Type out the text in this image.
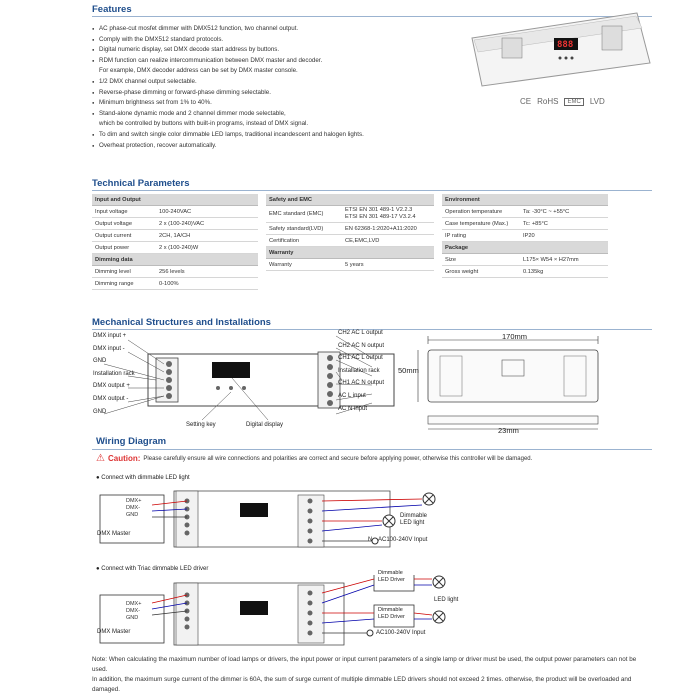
Features
● AC phase-cut mosfet dimmer with DMX512 function, two channel output.
● Comply with the DMX512 standard protocols.
● Digital numeric display, set DMX decode start address by buttons.
● RDM function can realize intercommunication between DMX master and decoder.
For example, DMX decoder address can be set by DMX master console.
● 1/2 DMX channel output selectable.
● Reverse-phase dimming or forward-phase dimming selectable.
● Minimum brightness set from 1% to 40%.
● Stand-alone dynamic mode and 2 channel dimmer mode selectable,
which be controlled by buttons with built-in programs, instead of DMX signal.
● To dim and switch single color dimmable LED lamps, traditional incandescent and halogen lights.
● Overheat protection, recover automatically.
888
CE RoHS	EMC	LVD
Technical Parameters
Input and Output
Input voltage	100-240VAC
Output voltage	2 x (100-240)VAC
Output current	2CH, 1A/CH
Output power	2 x (100-240)W
Dimming data
Dimming level	256 levels
Dimming range	0-100%
Safety and EMC
EMC standard (EMC)
ETSI EN 301 489-1 V2.2.3
ETSI EN 301 489-17 V3.2.4
Safety standard(LVD)	EN 62368-1:2020+A11:2020
Certification	CE,EMC,LVD
Warranty
Warranty	5 years
Environment
Operation temperature	Ta: -30°C ~ +55°C
Case temperature (Max.)	Tc: +85°C
IP rating	IP20
Package
Size	L175× W54 × H27mm
Gross weight	0.135kg
Mechanical Structures and Installations
DMX input +
DMX input -
GND
Installation rack
DMX output +
DMX output -
GND
CH2 AC L output
CH2 AC N output
CH1 AC L output
Installation rack
CH1 AC N output
AC L input
AC N input
Setting key	Digital display
170mm
50mm
23mm
Wiring Diagram
⚠ Caution: Please carefully ensure all wire connections and polarities are correct and secure before applying power, otherwise this controller will be damaged.
● Connect with dimmable LED light
DMX Master
DMX+
DMX-
GND	Dimmable
LED light
N AC100-240V Input
● Connect with Triac dimmable LED driver
DMX Master
DMX+
DMX-
GND
Dimmable
LED Driver
Dimmable
LED Driver
LED light
AC100-240V Input
Note: When calculating the maximum number of load lamps or drivers, the input power or input current parameters of a single lamp or driver must be used, the output power parameters can not be used.
In addition, the maximum surge current of the dimmer is 60A, the sum of surge current of multiple dimmable LED drivers should not exceed 2 times. otherwise, the product will be overloaded and damaged.
